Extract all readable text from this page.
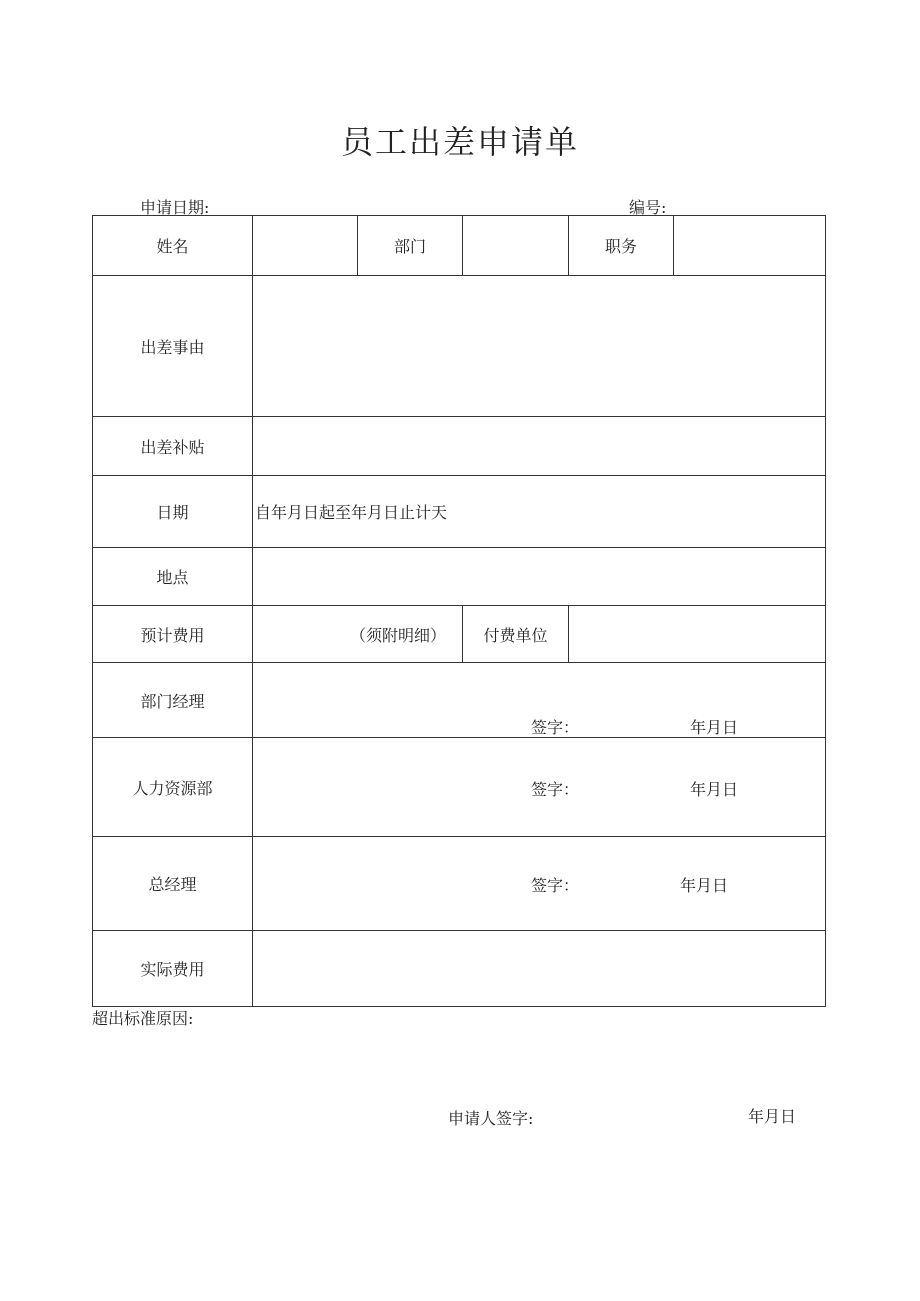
员工出差申请单
申请日期:	编号:
姓名		部门		职务	
出差事由					
出差补贴					
日期	自年月日起至年月日止计天				
地点					
预计费用	（须附明细）		付费单位		
部门经理	签字： 年月日				

人力资源部	签字： 年月日				

总经理	签字： 年月日				

实际费用					
超出标准原因:
申请人签字:	年月日
